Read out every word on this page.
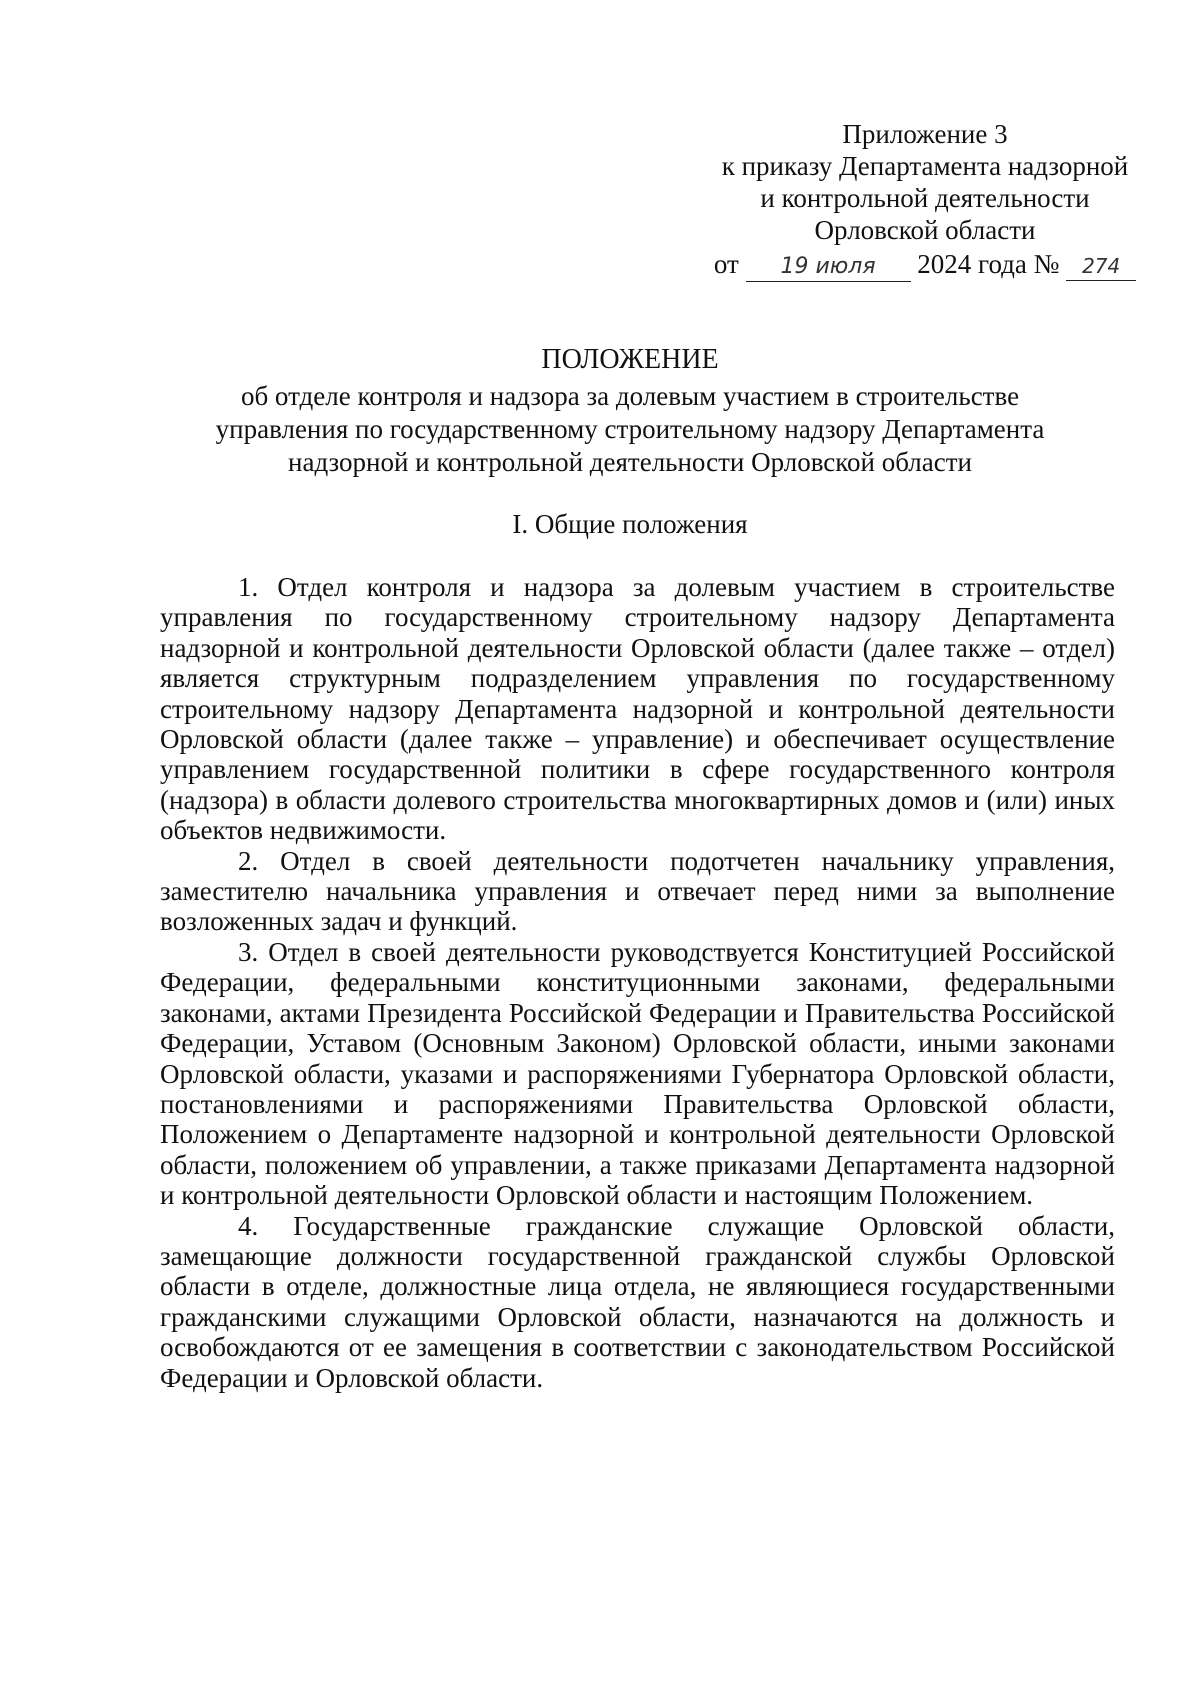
Приложение 3
к приказу Департамента надзорной
и контрольной деятельности
Орловской области
от 19 июля 2024 года № 274
ПОЛОЖЕНИЕ
об отделе контроля и надзора за долевым участием в строительстве
управления по государственному строительному надзору Департамента
надзорной и контрольной деятельности Орловской области
I. Общие положения

1. Отдел контроля и надзора за долевым участием в строительстве управления по государственному строительному надзору Департамента надзорной и контрольной деятельности Орловской области (далее также – отдел) является структурным подразделением управления по государственному строительному надзору Департамента надзорной и контрольной деятельности Орловской области (далее также – управление) и обеспечивает осуществление управлением государственной политики в сфере государственного контроля (надзора) в области долевого строительства многоквартирных домов и (или) иных объектов недвижимости.

2. Отдел в своей деятельности подотчетен начальнику управления, заместителю начальника управления и отвечает перед ними за выполнение возложенных задач и функций.

3. Отдел в своей деятельности руководствуется Конституцией Российской Федерации, федеральными конституционными законами, федеральными законами, актами Президента Российской Федерации и Правительства Российской Федерации, Уставом (Основным Законом) Орловской области, иными законами Орловской области, указами и распоряжениями Губернатора Орловской области, постановлениями и распоряжениями Правительства Орловской области, Положением о Департаменте надзорной и контрольной деятельности Орловской области, положением об управлении, а также приказами Департамента надзорной и контрольной деятельности Орловской области и настоящим Положением.

4. Государственные гражданские служащие Орловской области, замещающие должности государственной гражданской службы Орловской области в отделе, должностные лица отдела, не являющиеся государственными гражданскими служащими Орловской области, назначаются на должность и освобождаются от ее замещения в соответствии с законодательством Российской Федерации и Орловской области.
